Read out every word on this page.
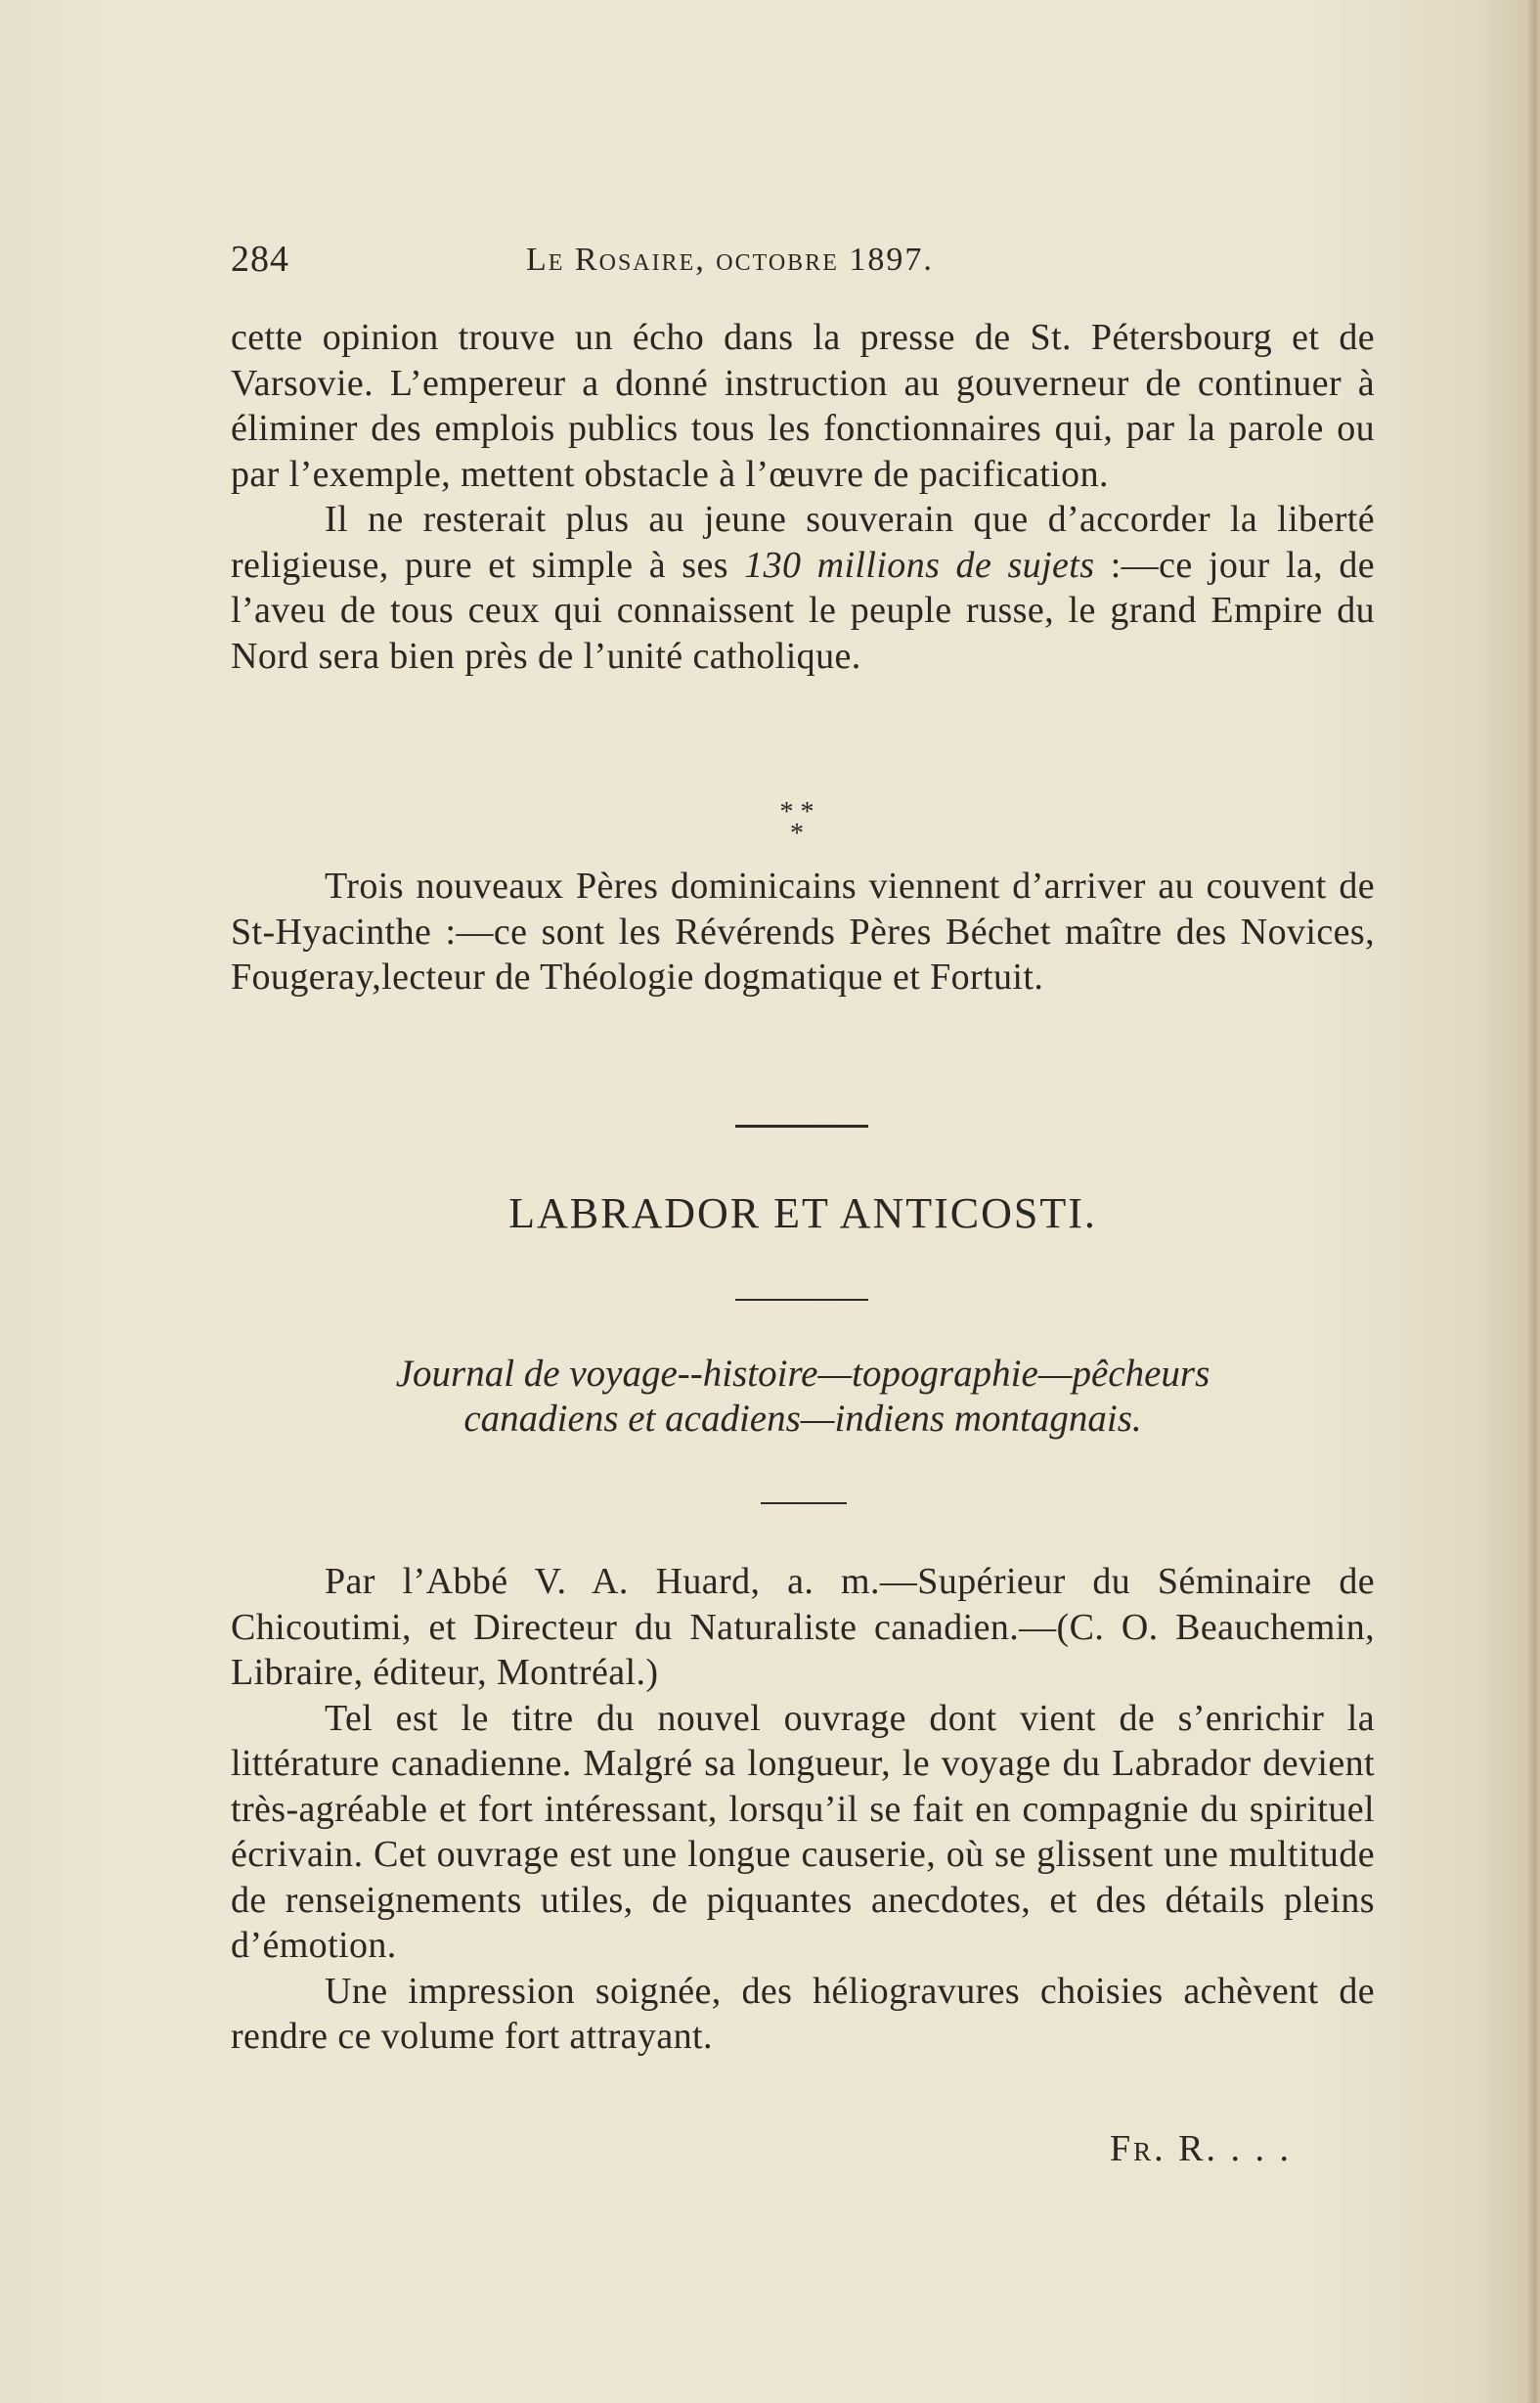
284	Le Rosaire, octobre 1897.

cette opinion trouve un écho dans la presse de St. Pétersbourg et de Varsovie. L’empereur a donné instruction au gouverneur de continuer à éliminer des emplois publics tous les fonctionnaires qui, par la parole ou par l’exemple, mettent obstacle à l’œuvre de pacification.

Il ne resterait plus au jeune souverain que d’accorder la liberté religieuse, pure et simple à ses 130 millions de sujets :—ce jour la, de l’aveu de tous ceux qui connaissent le peuple russe, le grand Empire du Nord sera bien près de l’unité catholique.

* *
*

Trois nouveaux Pères dominicains viennent d’arriver au couvent de St-Hyacinthe :—ce sont les Révérends Pères Béchet maître des Novices, Fougeray,lecteur de Théologie dogmatique et Fortuit.

LABRADOR ET ANTICOSTI.
Journal de voyage--histoire—topographie—pêcheurs
canadiens et acadiens—indiens montagnais.

Par l’Abbé V. A. Huard, a. m.—Supérieur du Séminaire de Chicoutimi, et Directeur du Naturaliste canadien.—(C. O. Beauchemin, Libraire, éditeur, Montréal.)

Tel est le titre du nouvel ouvrage dont vient de s’enrichir la littérature canadienne. Malgré sa longueur, le voyage du Labrador devient très-agréable et fort intéressant, lorsqu’il se fait en compagnie du spirituel écrivain. Cet ouvrage est une longue causerie, où se glissent une multitude de renseignements utiles, de piquantes anecdotes, et des détails pleins d’émotion.

Une impression soignée, des héliogravures choisies achèvent de rendre ce volume fort attrayant.

Fr. R. . . .
